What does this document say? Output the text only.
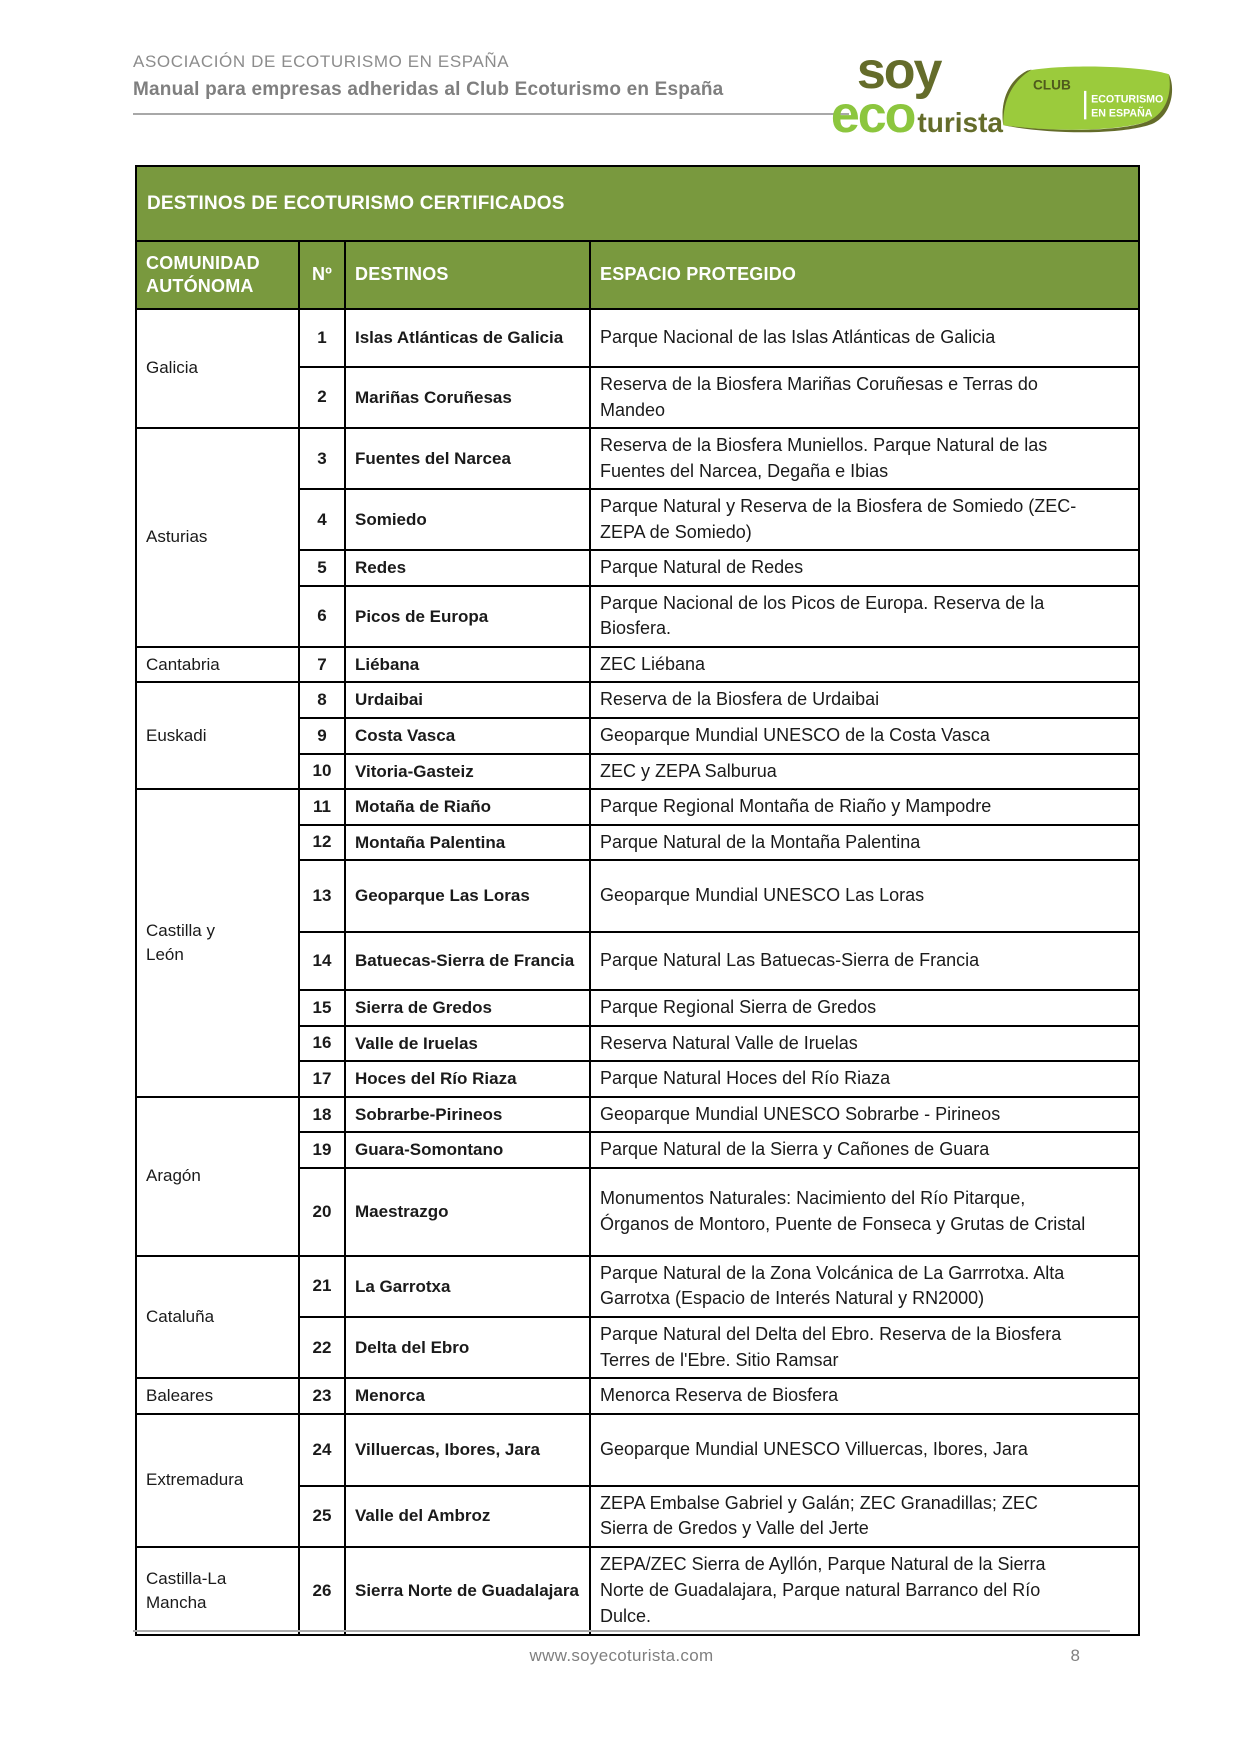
ASOCIACIÓN DE ECOTURISMO EN ESPAÑA
Manual para empresas adheridas al Club Ecoturismo en España	soy
eco turista
CLUB
ECOTURISMO
EN ESPAÑA
DESTINOS DE ECOTURISMO CERTIFICADOS			
COMUNIDAD AUTÓNOMA	Nº	DESTINOS	ESPACIO PROTEGIDO
Galicia	1	Islas Atlánticas de Galicia	Parque Nacional de las Islas Atlánticas de Galicia
	2	Mariñas Coruñesas	Reserva de la Biosfera Mariñas Coruñesas e Terras do Mandeo
Asturias	3	Fuentes del Narcea	Reserva de la Biosfera Muniellos. Parque Natural de las Fuentes del Narcea, Degaña e Ibias
	4	Somiedo	Parque Natural y Reserva de la Biosfera de Somiedo (ZEC-ZEPA de Somiedo)
	5	Redes	Parque Natural de Redes
	6	Picos de Europa	Parque Nacional de los Picos de Europa. Reserva de la Biosfera.
Cantabria	7	Liébana	ZEC Liébana
Euskadi	8	Urdaibai	Reserva de la Biosfera de Urdaibai
	9	Costa Vasca	Geoparque Mundial UNESCO de la Costa Vasca
	10	Vitoria-Gasteiz	ZEC y ZEPA Salburua
Castilla y León	11	Motaña de Riaño	Parque Regional Montaña de Riaño y Mampodre
	12	Montaña Palentina	Parque Natural de la Montaña Palentina
	13	Geoparque Las Loras	Geoparque Mundial UNESCO Las Loras
	14	Batuecas-Sierra de Francia	Parque Natural Las Batuecas-Sierra de Francia
	15	Sierra de Gredos	Parque Regional Sierra de Gredos
	16	Valle de Iruelas	Reserva Natural Valle de Iruelas
	17	Hoces del Río Riaza	Parque Natural Hoces del Río Riaza
Aragón	18	Sobrarbe-Pirineos	Geoparque Mundial UNESCO Sobrarbe - Pirineos
	19	Guara-Somontano	Parque Natural de la Sierra y Cañones de Guara
	20	Maestrazgo	Monumentos Naturales: Nacimiento del Río Pitarque, Órganos de Montoro, Puente de Fonseca y Grutas de Cristal
Cataluña	21	La Garrotxa	Parque Natural de la Zona Volcánica de La Garrrotxa. Alta Garrotxa (Espacio de Interés Natural y RN2000)
	22	Delta del Ebro	Parque Natural del Delta del Ebro. Reserva de la Biosfera Terres de l'Ebre. Sitio Ramsar
Baleares	23	Menorca	Menorca Reserva de Biosfera
Extremadura	24	Villuercas, Ibores, Jara	Geoparque Mundial UNESCO Villuercas, Ibores, Jara
	25	Valle del Ambroz	ZEPA Embalse Gabriel y Galán; ZEC Granadillas; ZEC Sierra de Gredos y Valle del Jerte
Castilla-La Mancha	26	Sierra Norte de Guadalajara	ZEPA/ZEC Sierra de Ayllón, Parque Natural de la Sierra Norte de Guadalajara, Parque natural Barranco del Río Dulce.
www.soyecoturista.com	8
